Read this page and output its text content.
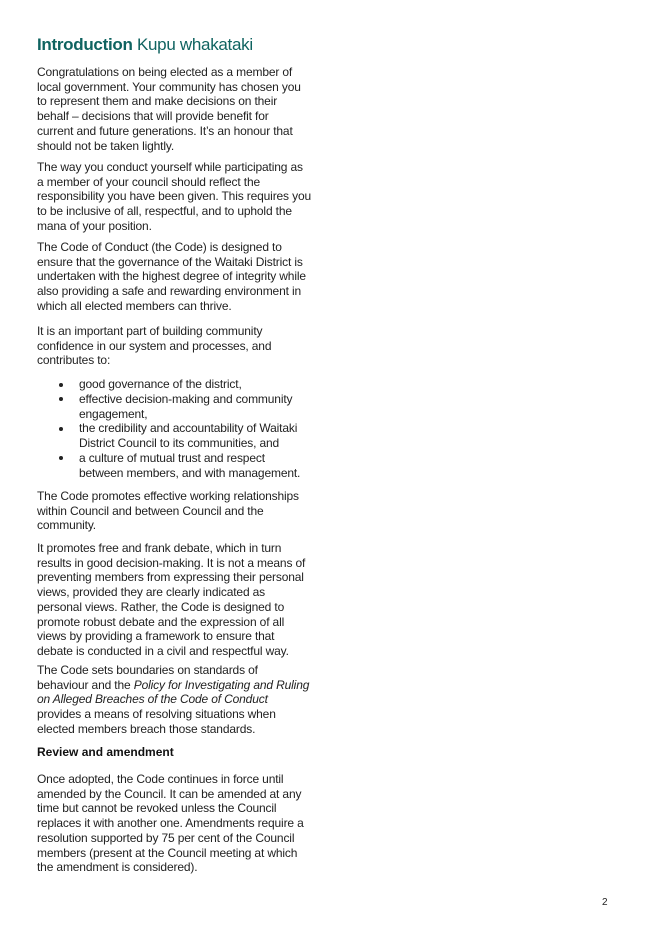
Introduction Kupu whakataki
Congratulations on being elected as a member of
local government. Your community has chosen you
to represent them and make decisions on their
behalf – decisions that will provide benefit for
current and future generations. It’s an honour that
should not be taken lightly.
The way you conduct yourself while participating as
a member of your council should reflect the
responsibility you have been given. This requires you
to be inclusive of all, respectful, and to uphold the
mana of your position.
The Code of Conduct (the Code) is designed to
ensure that the governance of the Waitaki District is
undertaken with the highest degree of integrity while
also providing a safe and rewarding environment in
which all elected members can thrive.
It is an important part of building community
confidence in our system and processes, and
contributes to:
good governance of the district,
effective decision-making and community
engagement,
the credibility and accountability of Waitaki
District Council to its communities, and
a culture of mutual trust and respect
between members, and with management.
The Code promotes effective working relationships
within Council and between Council and the
community.
It promotes free and frank debate, which in turn
results in good decision-making. It is not a means of
preventing members from expressing their personal
views, provided they are clearly indicated as
personal views. Rather, the Code is designed to
promote robust debate and the expression of all
views by providing a framework to ensure that
debate is conducted in a civil and respectful way.
The Code sets boundaries on standards of
behaviour and the Policy for Investigating and Ruling
on Alleged Breaches of the Code of Conduct
provides a means of resolving situations when
elected members breach those standards.
Review and amendment
Once adopted, the Code continues in force until
amended by the Council. It can be amended at any
time but cannot be revoked unless the Council
replaces it with another one. Amendments require a
resolution supported by 75 per cent of the Council
members (present at the Council meeting at which
the amendment is considered).
2
